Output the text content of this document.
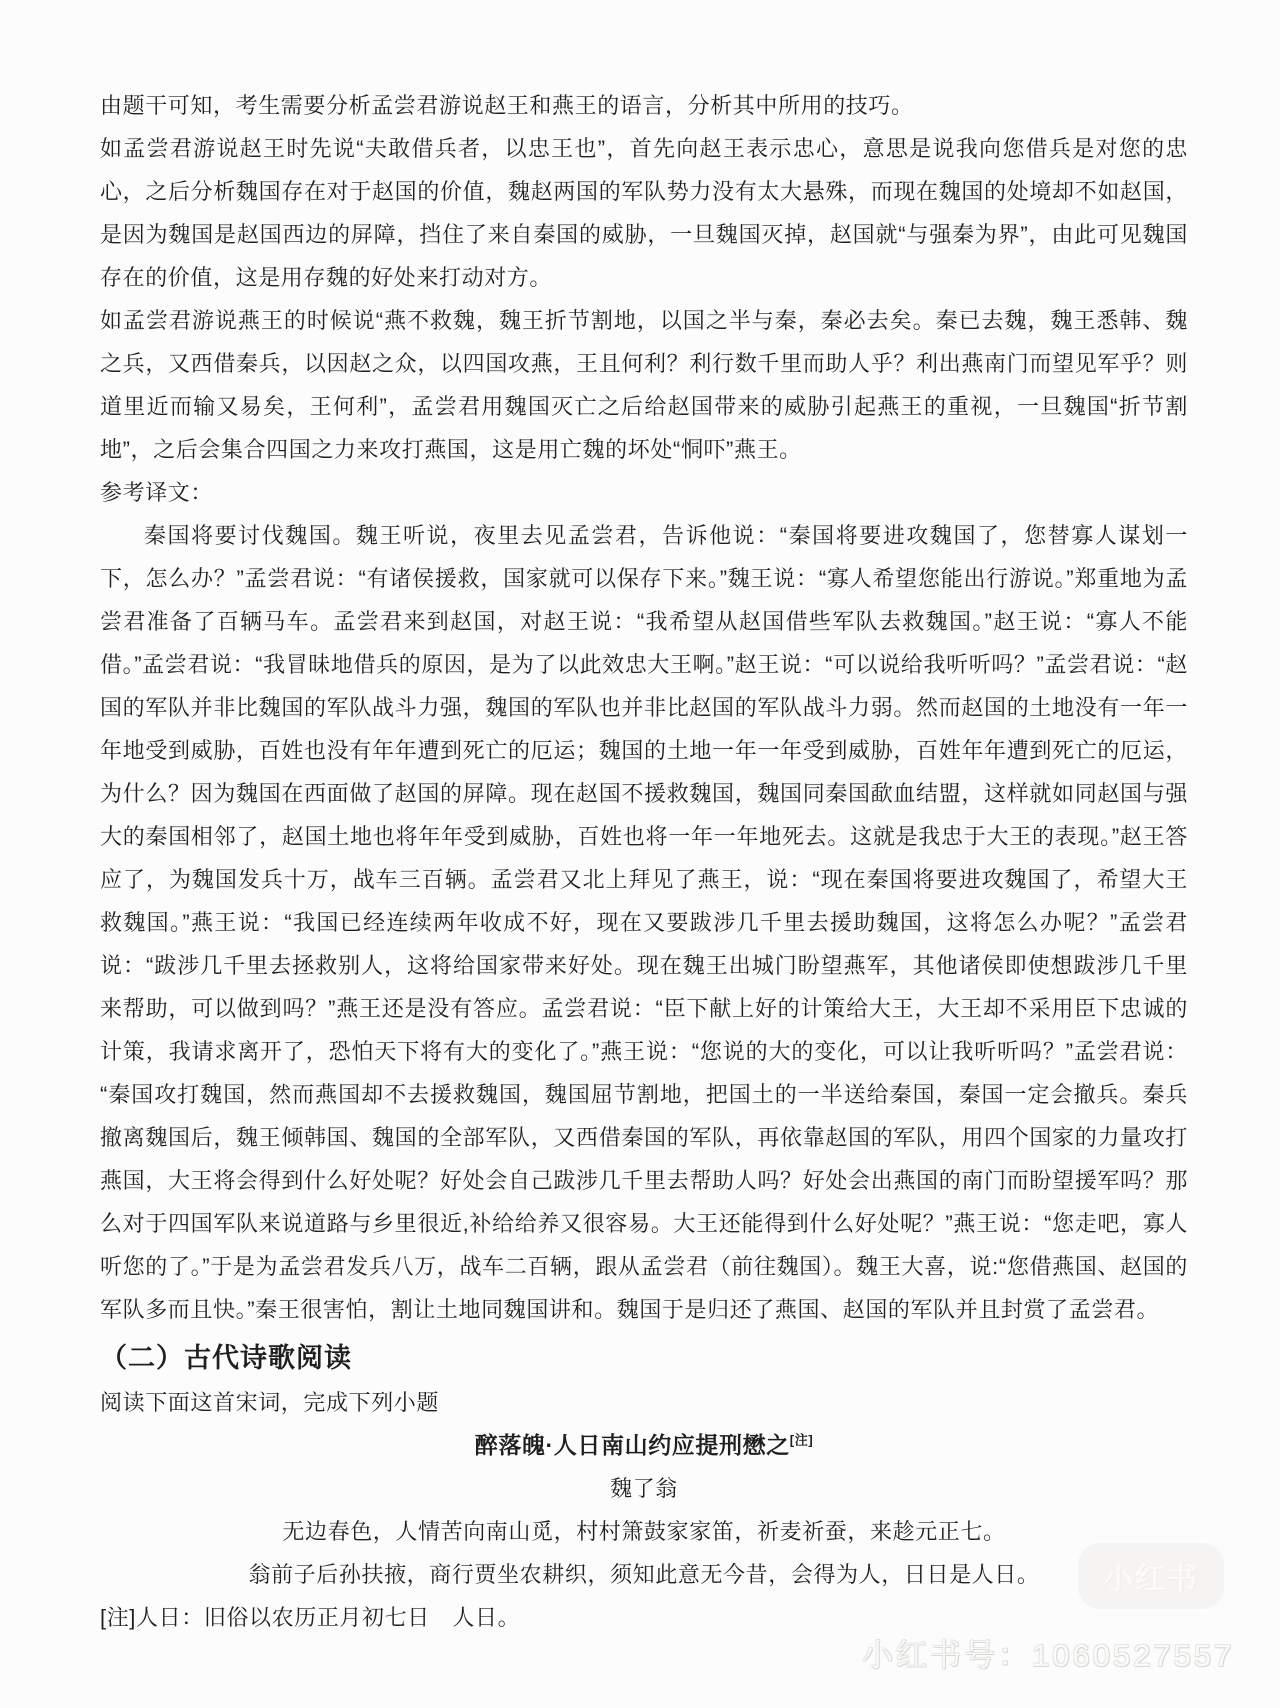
由题干可知，考生需要分析孟尝君游说赵王和燕王的语言，分析其中所用的技巧。

如孟尝君游说赵王时先说“夫敢借兵者，以忠王也”，首先向赵王表示忠心，意思是说我向您借兵是对您的忠心，之后分析魏国存在对于赵国的价值，魏赵两国的军队势力没有太大悬殊，而现在魏国的处境却不如赵国，是因为魏国是赵国西边的屏障，挡住了来自秦国的威胁，一旦魏国灭掉，赵国就“与强秦为界”，由此可见魏国存在的价值，这是用存魏的好处来打动对方。

如孟尝君游说燕王的时候说“燕不救魏，魏王折节割地，以国之半与秦，秦必去矣。秦已去魏，魏王悉韩、魏之兵，又西借秦兵，以因赵之众，以四国攻燕，王且何利？利行数千里而助人乎？利出燕南门而望见军乎？则道里近而输又易矣，王何利”，孟尝君用魏国灭亡之后给赵国带来的威胁引起燕王的重视，一旦魏国“折节割地”，之后会集合四国之力来攻打燕国，这是用亡魏的坏处“恫吓”燕王。

参考译文：

秦国将要讨伐魏国。魏王听说，夜里去见孟尝君，告诉他说：“秦国将要进攻魏国了，您替寡人谋划一下，怎么办？”孟尝君说：“有诸侯援救，国家就可以保存下来。”魏王说：“寡人希望您能出行游说。”郑重地为孟尝君准备了百辆马车。孟尝君来到赵国，对赵王说：“我希望从赵国借些军队去救魏国。”赵王说：“寡人不能借。”孟尝君说：“我冒昧地借兵的原因，是为了以此效忠大王啊。”赵王说：“可以说给我听听吗？”孟尝君说：“赵国的军队并非比魏国的军队战斗力强，魏国的军队也并非比赵国的军队战斗力弱。然而赵国的土地没有一年一年地受到威胁，百姓也没有年年遭到死亡的厄运；魏国的土地一年一年受到威胁，百姓年年遭到死亡的厄运，为什么？因为魏国在西面做了赵国的屏障。现在赵国不援救魏国，魏国同秦国歃血结盟，这样就如同赵国与强大的秦国相邻了，赵国土地也将年年受到威胁，百姓也将一年一年地死去。这就是我忠于大王的表现。”赵王答应了，为魏国发兵十万，战车三百辆。孟尝君又北上拜见了燕王，说：“现在秦国将要进攻魏国了，希望大王救魏国。”燕王说：“我国已经连续两年收成不好，现在又要跋涉几千里去援助魏国，这将怎么办呢？”孟尝君说：“跋涉几千里去拯救别人，这将给国家带来好处。现在魏王出城门盼望燕军，其他诸侯即使想跋涉几千里来帮助，可以做到吗？”燕王还是没有答应。孟尝君说：“臣下献上好的计策给大王，大王却不采用臣下忠诚的计策，我请求离开了，恐怕天下将有大的变化了。”燕王说：“您说的大的变化，可以让我听听吗？”孟尝君说：“秦国攻打魏国，然而燕国却不去援救魏国，魏国屈节割地，把国土的一半送给秦国，秦国一定会撤兵。秦兵撤离魏国后，魏王倾韩国、魏国的全部军队，又西借秦国的军队，再依靠赵国的军队，用四个国家的力量攻打燕国，大王将会得到什么好处呢？好处会自己跋涉几千里去帮助人吗？好处会出燕国的南门而盼望援军吗？那么对于四国军队来说道路与乡里很近,补给给养又很容易。大王还能得到什么好处呢？”燕王说：“您走吧，寡人听您的了。”于是为孟尝君发兵八万，战车二百辆，跟从孟尝君（前往魏国）。魏王大喜，说:“您借燕国、赵国的军队多而且快。”秦王很害怕，割让土地同魏国讲和。魏国于是归还了燕国、赵国的军队并且封赏了孟尝君。

（二）古代诗歌阅读

阅读下面这首宋词，完成下列小题

醉落魄·人日南山约应提刑懋之[注]

魏了翁

无边春色，人情苦向南山觅，村村箫鼓家家笛，祈麦祈蚕，来趁元正七。

翁前子后孙扶掖，商行贾坐农耕织，须知此意无今昔，会得为人，日日是人日。

[注]人日：旧俗以农历正月初七日　人日。

小红书
小红书号：1060527557
